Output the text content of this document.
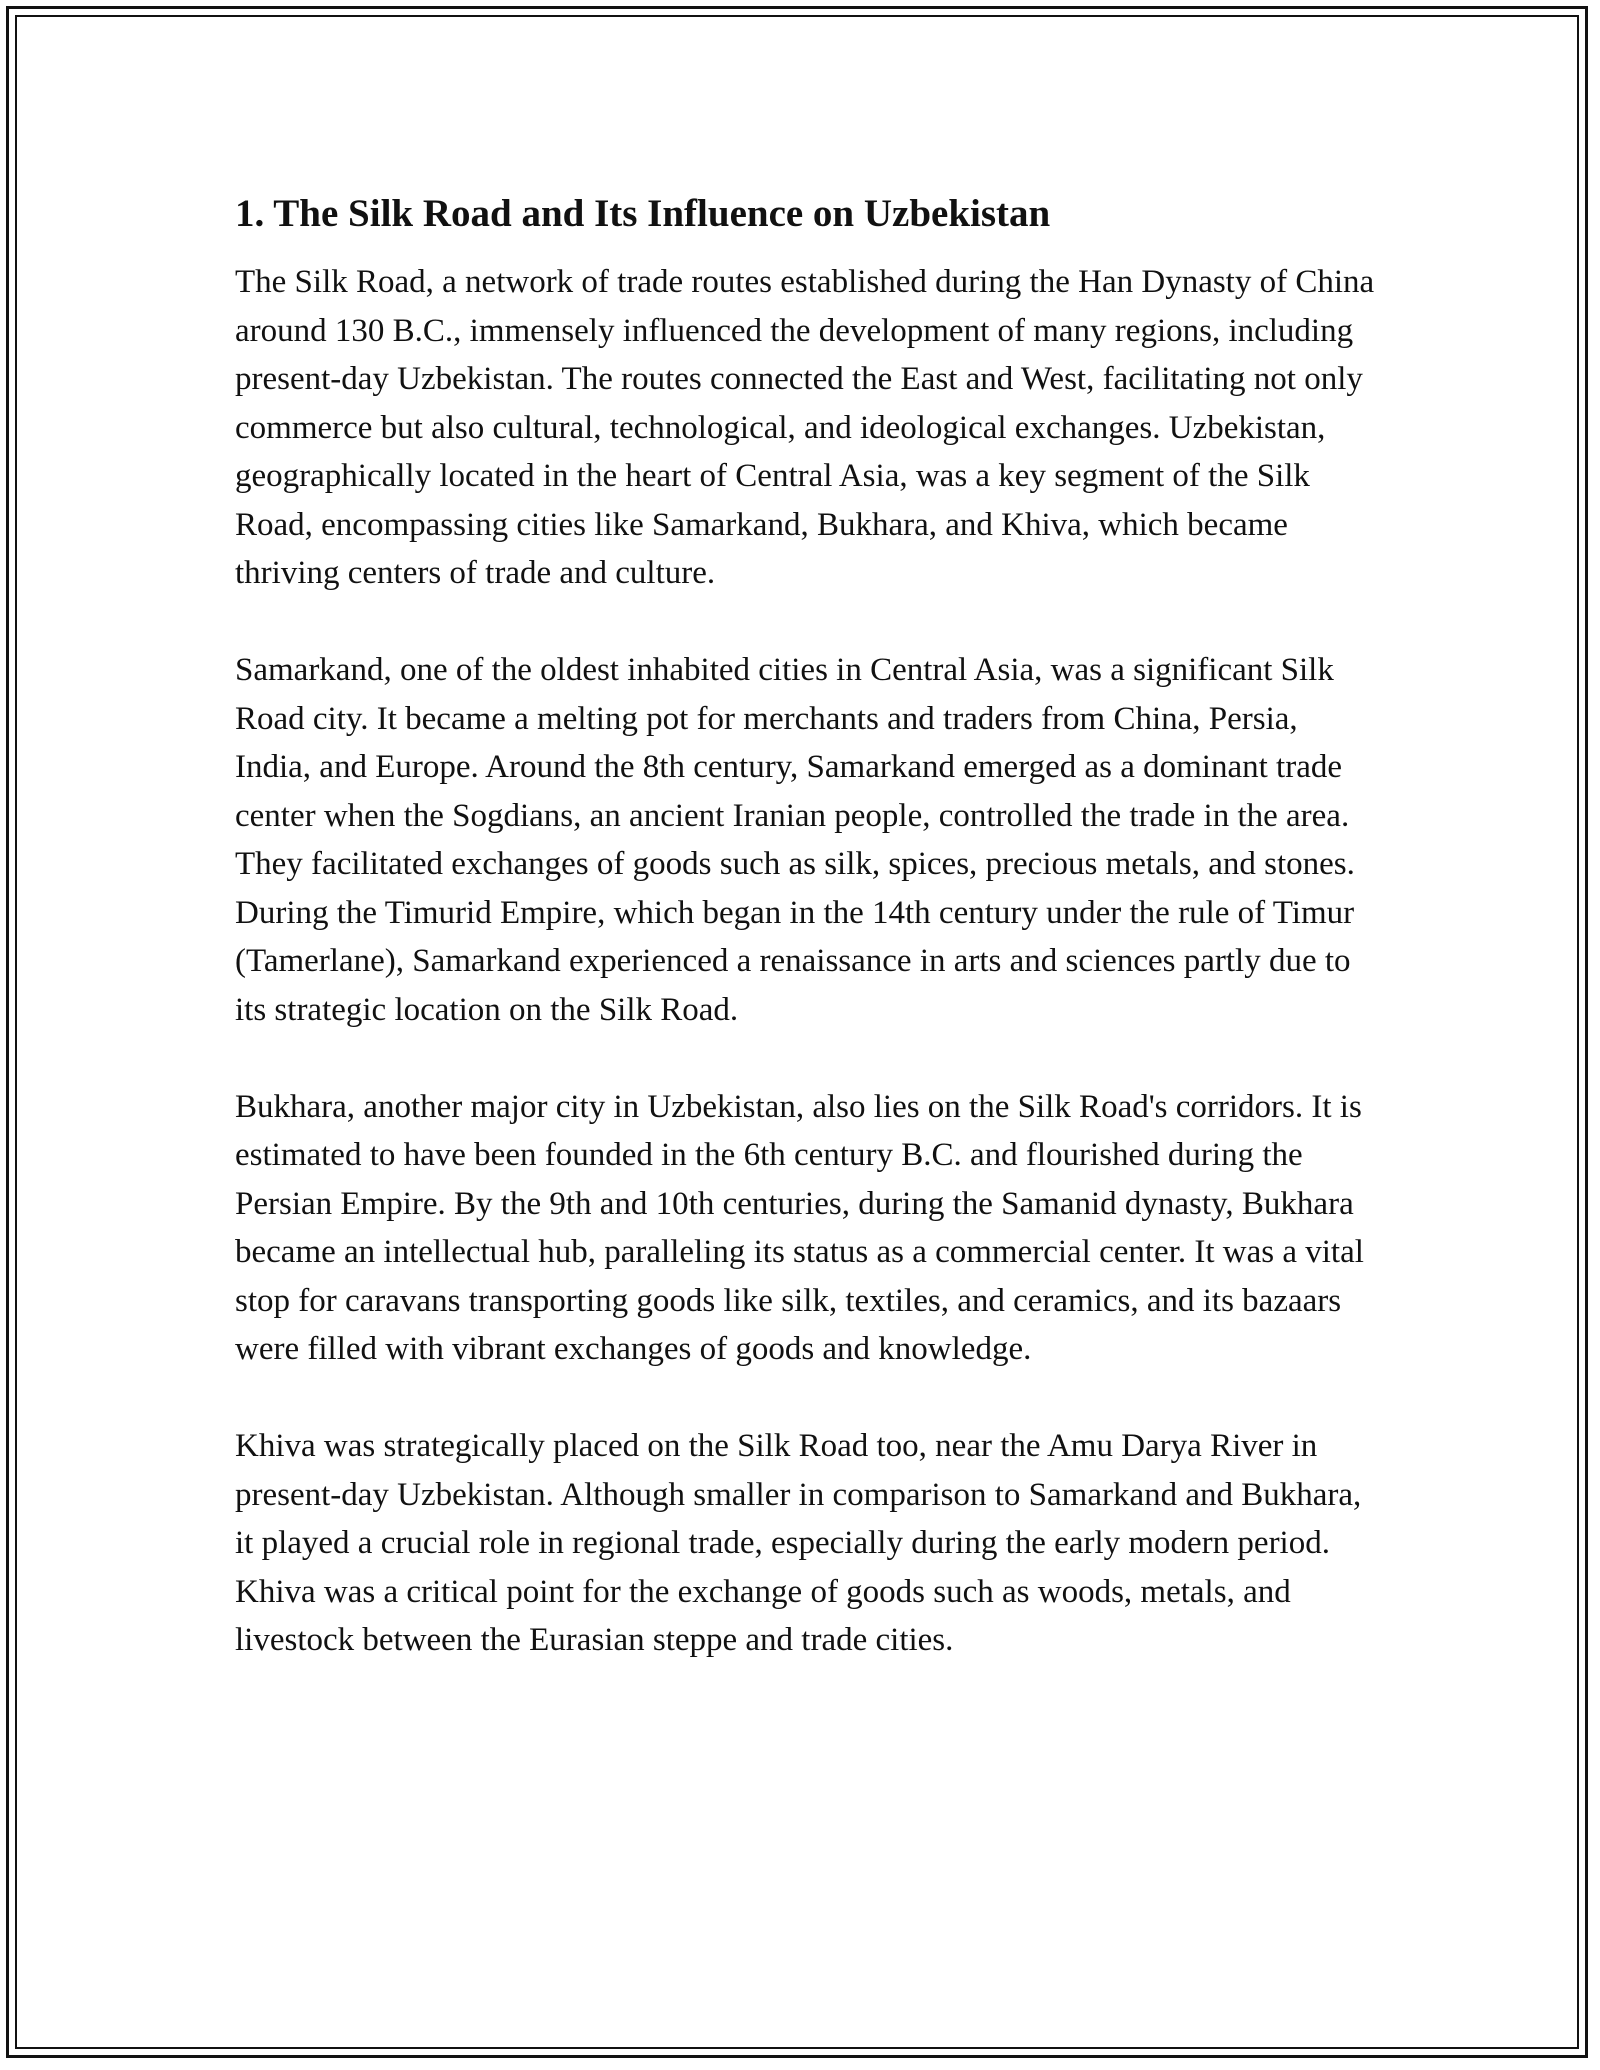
1. The Silk Road and Its Influence on Uzbekistan

The Silk Road, a network of trade routes established during the Han Dynasty of China around 130 B.C., immensely influenced the development of many regions, including present-day Uzbekistan. The routes connected the East and West, facilitating not only commerce but also cultural, technological, and ideological exchanges. Uzbekistan, geographically located in the heart of Central Asia, was a key segment of the Silk Road, encompassing cities like Samarkand, Bukhara, and Khiva, which became thriving centers of trade and culture.

Samarkand, one of the oldest inhabited cities in Central Asia, was a significant Silk Road city. It became a melting pot for merchants and traders from China, Persia, India, and Europe. Around the 8th century, Samarkand emerged as a dominant trade center when the Sogdians, an ancient Iranian people, controlled the trade in the area. They facilitated exchanges of goods such as silk, spices, precious metals, and stones. During the Timurid Empire, which began in the 14th century under the rule of Timur (Tamerlane), Samarkand experienced a renaissance in arts and sciences partly due to its strategic location on the Silk Road.

Bukhara, another major city in Uzbekistan, also lies on the Silk Road's corridors. It is estimated to have been founded in the 6th century B.C. and flourished during the Persian Empire. By the 9th and 10th centuries, during the Samanid dynasty, Bukhara became an intellectual hub, paralleling its status as a commercial center. It was a vital stop for caravans transporting goods like silk, textiles, and ceramics, and its bazaars were filled with vibrant exchanges of goods and knowledge.

Khiva was strategically placed on the Silk Road too, near the Amu Darya River in present-day Uzbekistan. Although smaller in comparison to Samarkand and Bukhara, it played a crucial role in regional trade, especially during the early modern period. Khiva was a critical point for the exchange of goods such as woods, metals, and livestock between the Eurasian steppe and trade cities.
